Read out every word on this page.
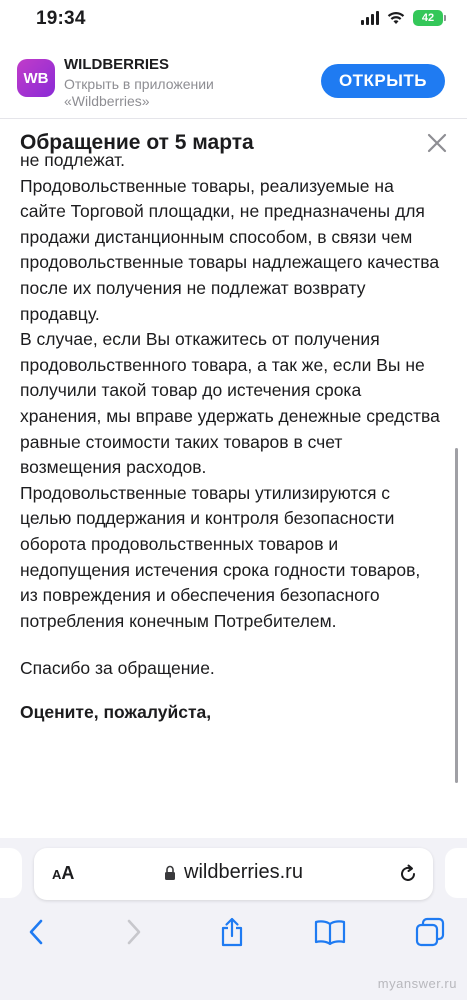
19:34	42
WB
WILDBERRIES
Открыть в приложении
«Wildberries»
ОТКРЫТЬ
Обращение от 5 марта

не подлежат.

Продовольственные товары, реализуемые на сайте Торговой площадки, не предназначены для продажи дистанционным способом, в связи чем продовольственные товары надлежащего качества после их получения не подлежат возврату продавцу.

В случае, если Вы откажитесь от получения продовольственного товара, а так же, если Вы не получили такой товар до истечения срока хранения, мы вправе удержать денежные средства равные стоимости таких товаров в счет возмещения расходов.

Продовольственные товары утилизируются с целью поддержания и контроля безопасности оборота продовольственных товаров и недопущения истечения срока годности товаров, из повреждения и обеспечения безопасного потребления конечным Потребителем.

Спасибо за обращение.
Оцените, пожалуйста,
AA	wildberries.ru
myanswer.ru
